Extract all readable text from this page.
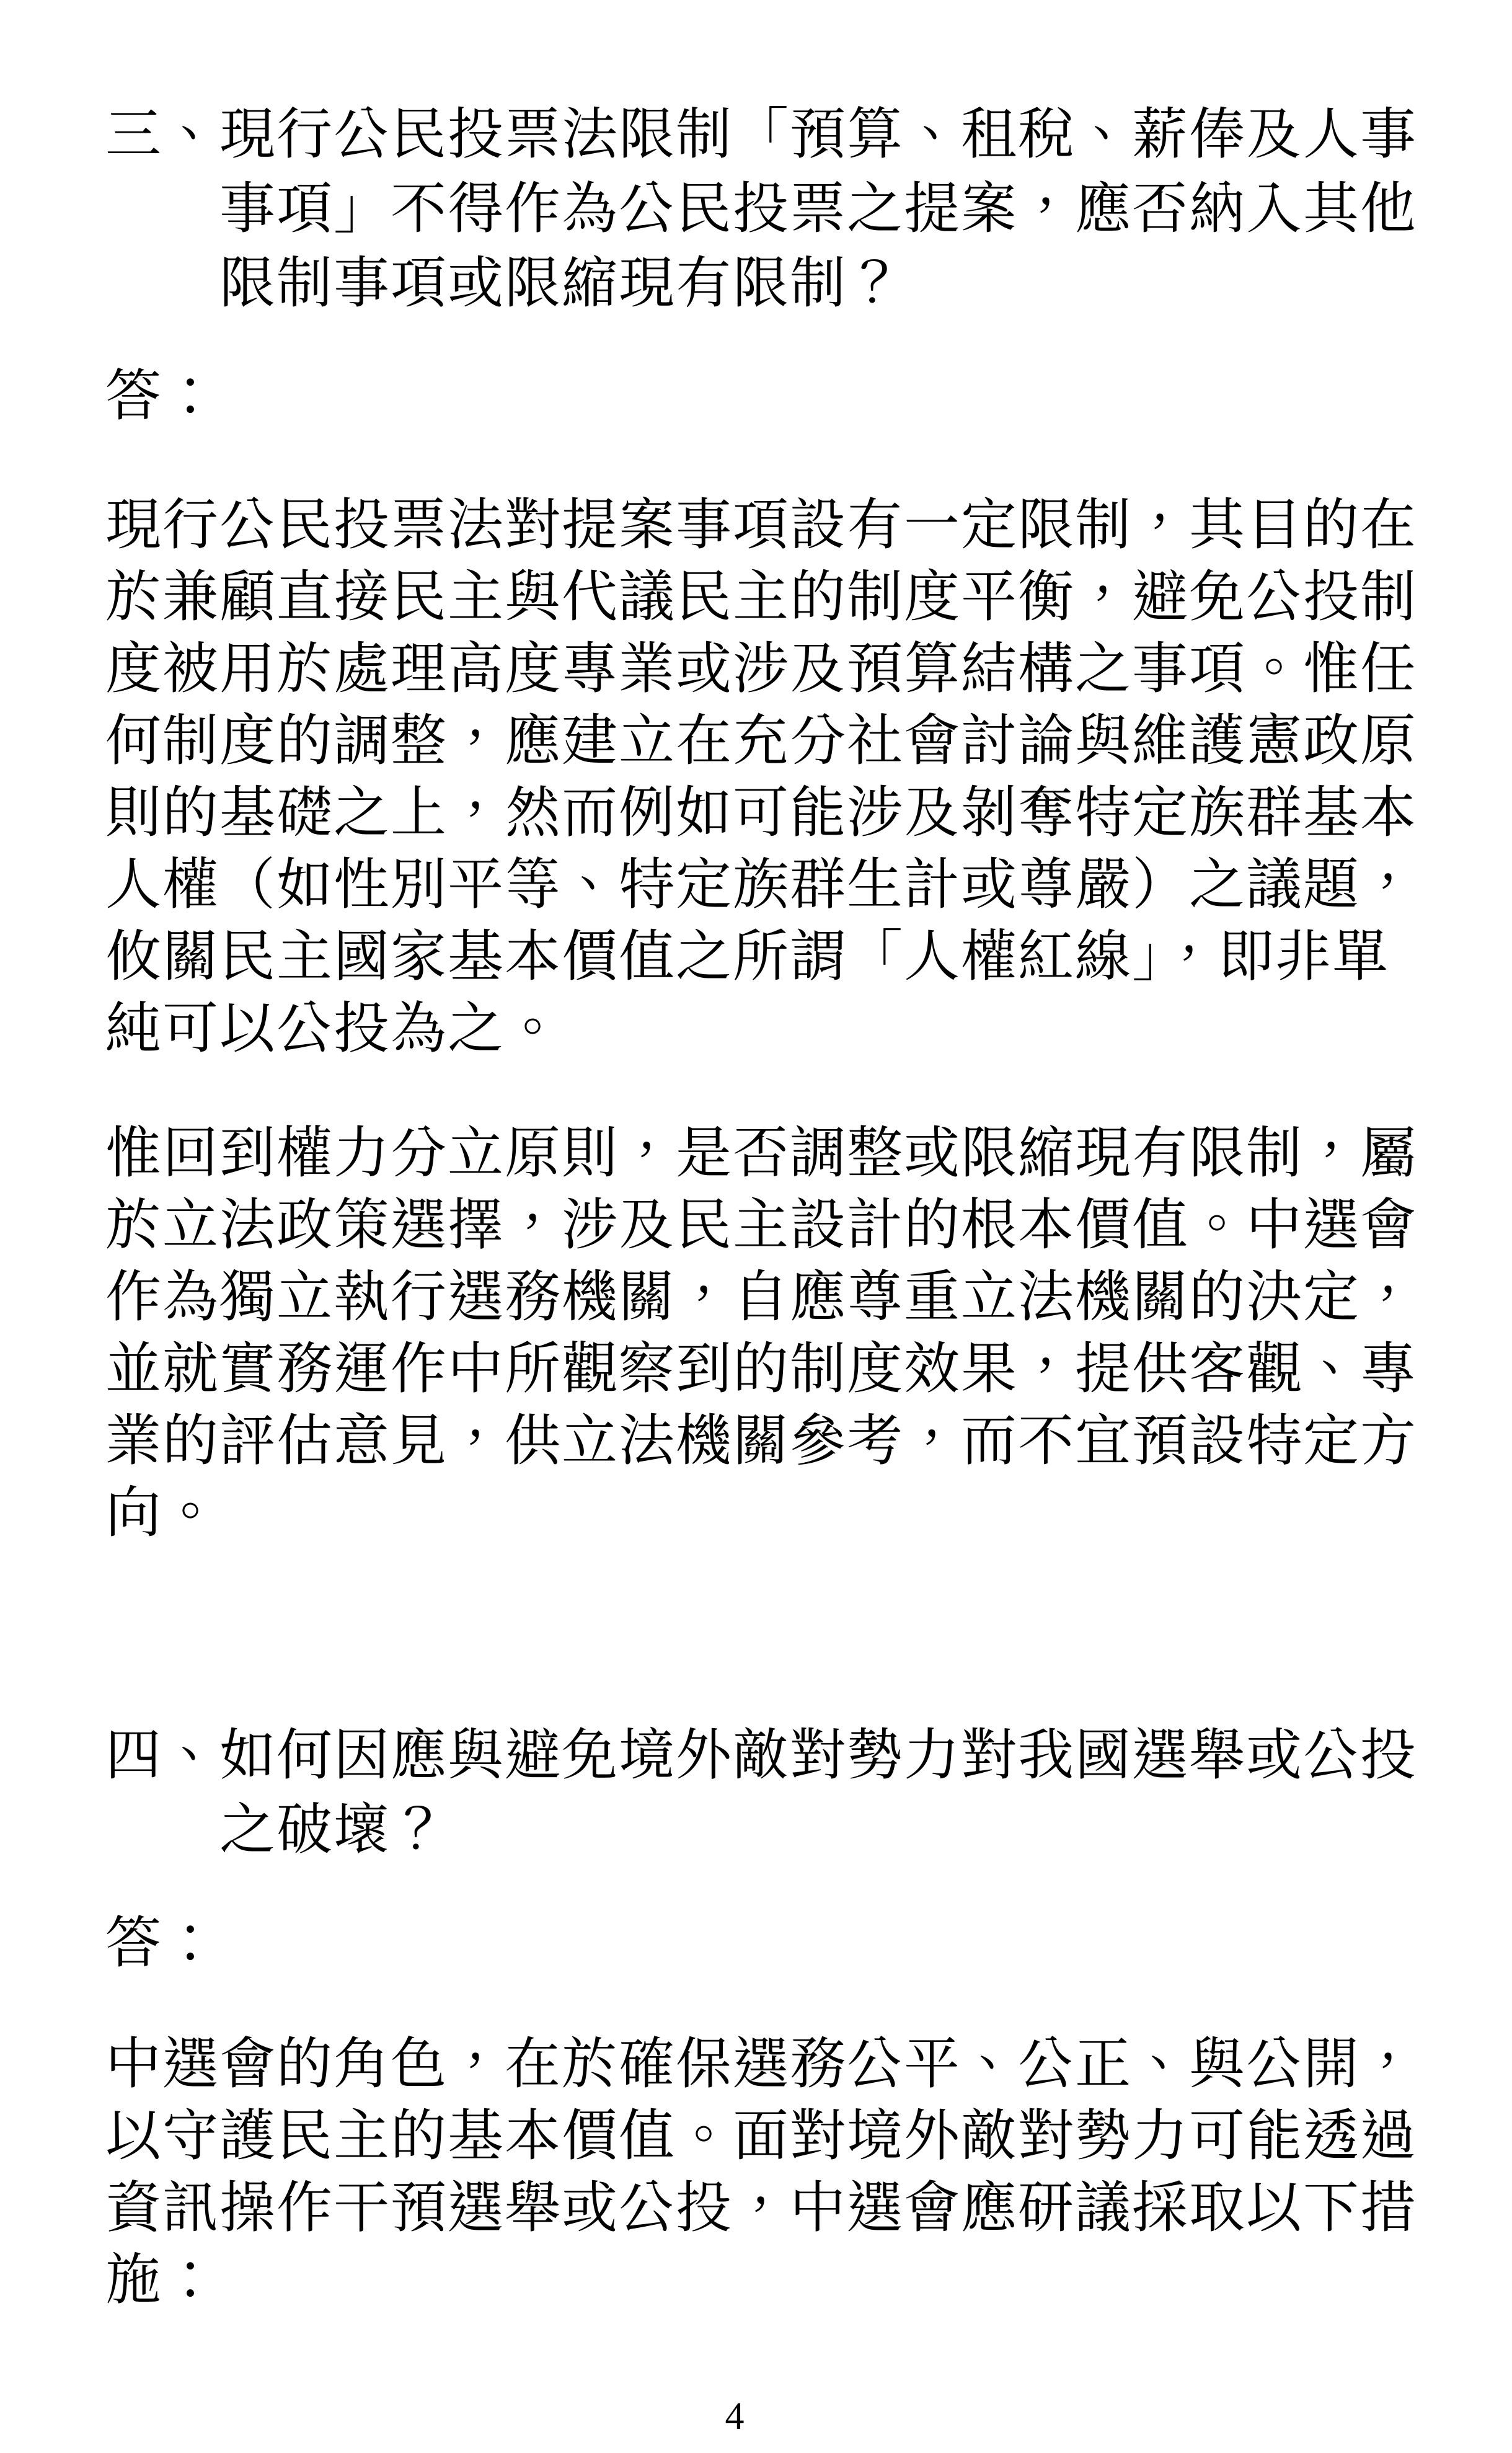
三、現行公民投票法限制「預算、租稅、薪俸及人事
事項」不得作為公民投票之提案，應否納入其他
限制事項或限縮現有限制？
答：
現行公民投票法對提案事項設有一定限制，其目的在
於兼顧直接民主與代議民主的制度平衡，避免公投制
度被用於處理高度專業或涉及預算結構之事項。惟任
何制度的調整，應建立在充分社會討論與維護憲政原
則的基礎之上，然而例如可能涉及剝奪特定族群基本
人權（如性別平等、特定族群生計或尊嚴）之議題，
攸關民主國家基本價值之所謂「人權紅線」，即非單
純可以公投為之。
惟回到權力分立原則，是否調整或限縮現有限制，屬
於立法政策選擇，涉及民主設計的根本價值。中選會
作為獨立執行選務機關，自應尊重立法機關的決定，
並就實務運作中所觀察到的制度效果，提供客觀、專
業的評估意見，供立法機關參考，而不宜預設特定方
向。
四、如何因應與避免境外敵對勢力對我國選舉或公投
之破壞？
答：
中選會的角色，在於確保選務公平、公正、與公開，
以守護民主的基本價值。面對境外敵對勢力可能透過
資訊操作干預選舉或公投，中選會應研議採取以下措
施：
4
